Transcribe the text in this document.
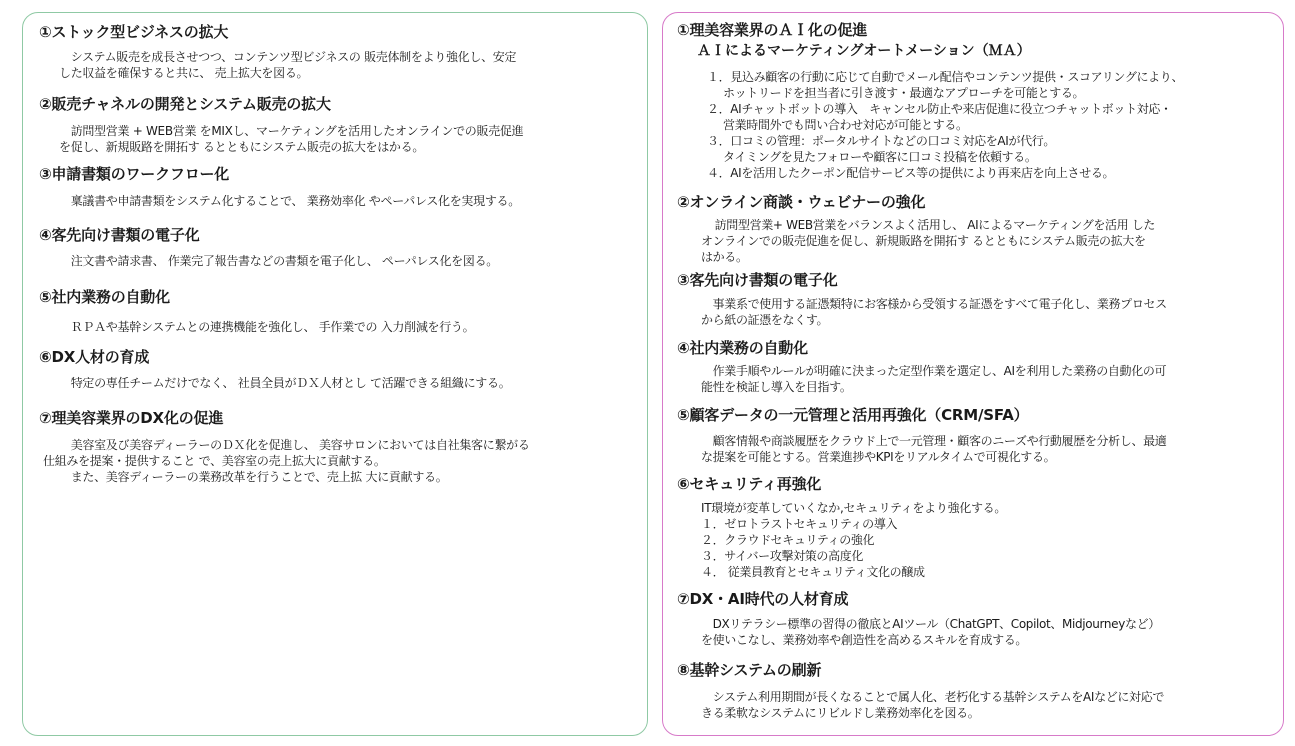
①ストック型ビジネスの拡大
　システム販売を成長させつつ、コンテンツ型ビジネスの 販売体制をより強化し、安定
した収益を確保すると共に、 売上拡大を図る。
②販売チャネルの開発とシステム販売の拡大
　訪問型営業 + WEB営業 をMIXし、マーケティングを活用したオンラインでの販売促進
を促し、新規販路を開拓す るとともにシステム販売の拡大をはかる。
③申請書類のワークフロー化
　稟議書や申請書類をシステム化することで、 業務効率化 やペーパレス化を実現する。
④客先向け書類の電子化
　注文書や請求書、 作業完了報告書などの書類を電子化し、 ペーパレス化を図る。
⑤社内業務の自動化
　ＲＰＡや基幹システムとの連携機能を強化し、 手作業での 入力削減を行う。
⑥DX人材の育成
　特定の専任チームだけでなく、 社員全員がＤＸ人材とし て活躍できる組織にする。
⑦理美容業界のDX化の促進
　美容室及び美容ディーラーのＤＸ化を促進し、 美容サロンにおいては自社集客に繋がる
仕組みを提案・提供すること で、美容室の売上拡大に貢献する。
　また、美容ディーラーの業務改革を行うことで、売上拡 大に貢献する。
①理美容業界のＡＩ化の促進
ＡＩによるマーケティングオートメーション（ＭＡ）
１．見込み顧客の行動に応じて自動でメール配信やコンテンツ提供・スコアリングにより、
ホットリードを担当者に引き渡す・最適なアプローチを可能とする。
２．AIチャットボットの導入　キャンセル防止や来店促進に役立つチャットボット対応・
営業時間外でも問い合わせ対応が可能とする。
３．口コミの管理：ポータルサイトなどの口コミ対応をAIが代行。
タイミングを見たフォローや顧客に口コミ投稿を依頼する。
４．AIを活用したクーポン配信サービス等の提供により再来店を向上させる。
②オンライン商談・ウェビナーの強化
　訪問型営業+ WEB営業をバランスよく活用し、 AIによるマーケティングを活用 した
オンラインでの販売促進を促し、新規販路を開拓す るとともにシステム販売の拡大を
はかる。
③客先向け書類の電子化
　事業系で使用する証憑類特にお客様から受領する証憑をすべて電子化し、業務プロセス
から紙の証憑をなくす。
④社内業務の自動化
　作業手順やルールが明確に決まった定型作業を選定し、AIを利用した業務の自動化の可
能性を検証し導入を目指す。
⑤顧客データの一元管理と活用再強化（CRM/SFA）
　顧客情報や商談履歴をクラウド上で一元管理・顧客のニーズや行動履歴を分析し、最適
な提案を可能とする。営業進捗やKPIをリアルタイムで可視化する。
⑥セキュリティ再強化
IT環境が変革していくなか,セキュリティをより強化する。
１．ゼロトラストセキュリティの導入
２．クラウドセキュリティの強化
３．サイバー攻撃対策の高度化
４． 従業員教育とセキュリティ文化の醸成
⑦DX・AI時代の人材育成
　DXリテラシー標準の習得の徹底とAIツール（ChatGPT、Copilot、Midjourneyなど）
を使いこなし、業務効率や創造性を高めるスキルを育成する。
⑧基幹システムの刷新
　システム利用期間が長くなることで属人化、老朽化する基幹システムをAIなどに対応で
きる柔軟なシステムにリビルドし業務効率化を図る。
